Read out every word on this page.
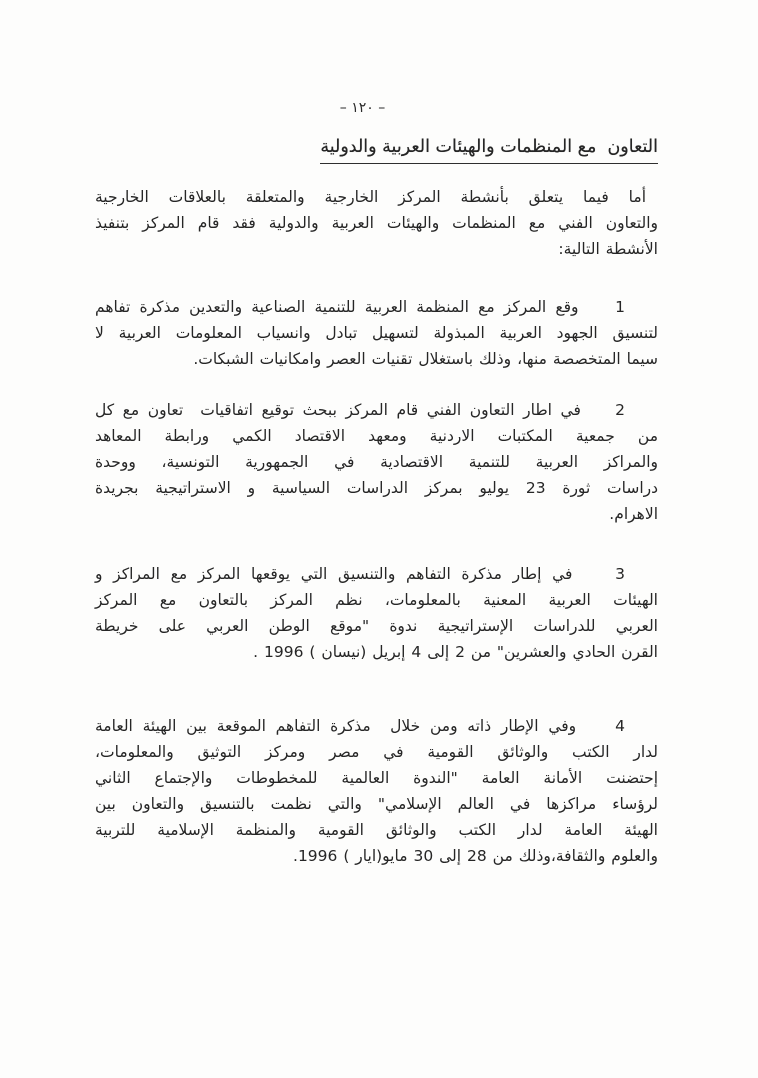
– ١٢٠ –
التعاون  مع المنظمات والهيئات العربية والدولية
أما فيما يتعلق بأنشطة المركز الخارجية والمتعلقة بالعلاقات الخارجية
والتعاون الفني مع المنظمات والهيئات العربية والدولية فقد قام المركز بتنفيذ
الأنشطة التالية:
1    وقع المركز مع المنظمة العربية للتنمية الصناعية والتعدين مذكرة تفاهم
لتنسيق الجهود العربية المبذولة لتسهيل تبادل وانسياب المعلومات العربية لا
سيما المتخصصة منها، وذلك باستغلال تقنيات العصر وامكانيات الشبكات.
2    في اطار التعاون الفني قام المركز ببحث توقيع اتفاقيات  تعاون مع كل
من جمعية المكتبات الاردنية ومعهد الاقتصاد الكمي ورابطة المعاهد
والمراكز العربية للتنمية الاقتصادية في الجمهورية التونسية، ووحدة
دراسات ثورة 23 يوليو بمركز الدراسات السياسية و الاستراتيجية بجريدة
الاهرام.
3    في إطار مذكرة التفاهم والتنسيق التي يوقعها المركز مع المراكز و
الهيئات العربية المعنية بالمعلومات، نظم المركز بالتعاون مع المركز
العربي للدراسات الإستراتيجية ندوة "موقع الوطن العربي على خريطة
القرن الحادي والعشرين" من 2 إلى 4 إبريل (نيسان ) 1996 .
4    وفي الإطار ذاته ومن خلال  مذكرة التفاهم الموقعة بين الهيئة العامة
لدار الكتب والوثائق القومية في مصر ومركز التوثيق والمعلومات،
إحتضنت الأمانة العامة "الندوة العالمية للمخطوطات والإجتماع الثاني
لرؤساء مراكزها في العالم الإسلامي" والتي نظمت بالتنسيق والتعاون بين
الهيئة العامة لدار الكتب والوثائق القومية والمنظمة الإسلامية للتربية
والعلوم والثقافة،وذلك من 28 إلى 30 مايو(ايار ) 1996.
